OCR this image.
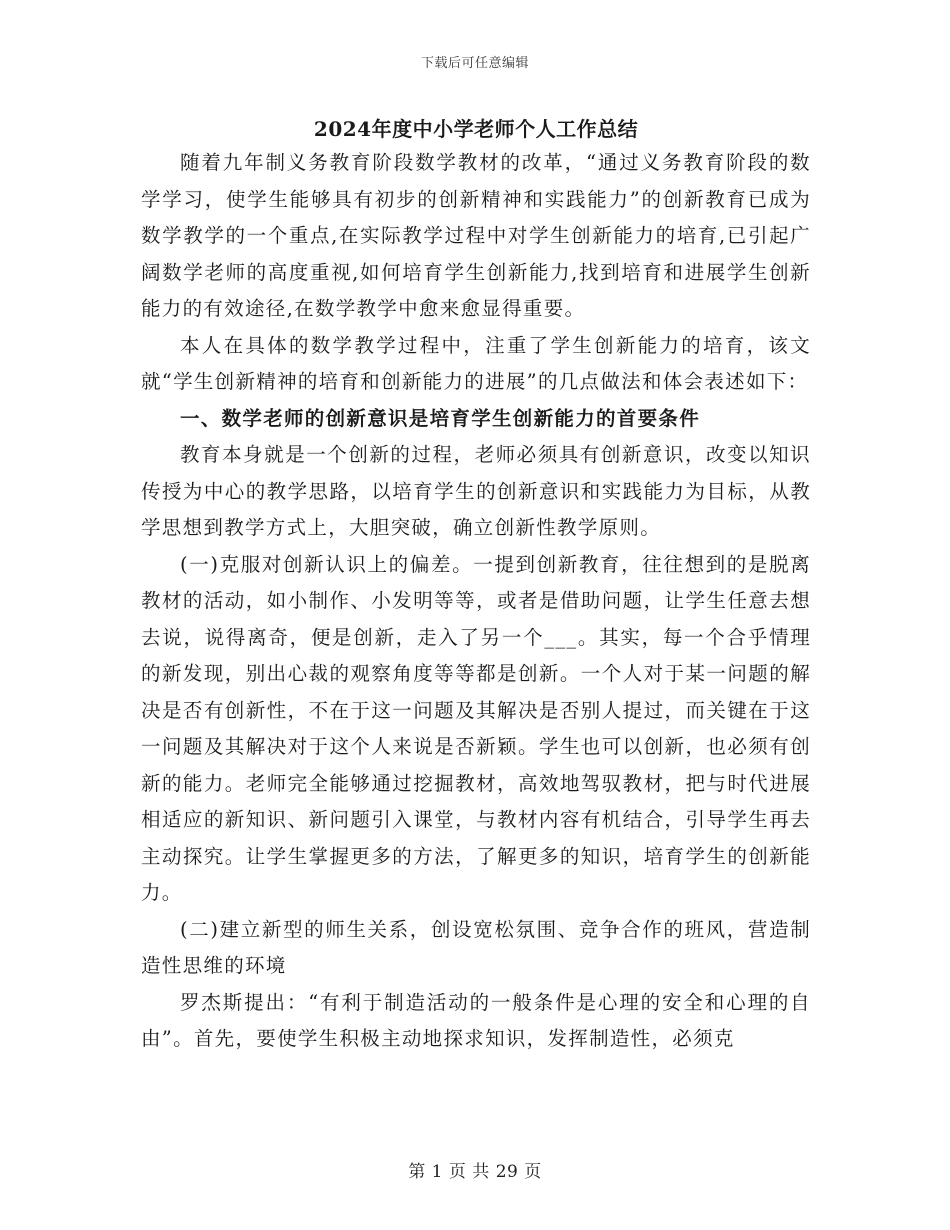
下载后可任意编辑
2024年度中小学老师个人工作总结

随着九年制义务教育阶段数学教材的改革，“通过义务教育阶段的数学学习，使学生能够具有初步的创新精神和实践能力”的创新教育已成为数学教学的一个重点,在实际教学过程中对学生创新能力的培育,已引起广阔数学老师的高度重视,如何培育学生创新能力,找到培育和进展学生创新能力的有效途径,在数学教学中愈来愈显得重要。

本人在具体的数学教学过程中，注重了学生创新能力的培育，该文就“学生创新精神的培育和创新能力的进展”的几点做法和体会表述如下：

一、数学老师的创新意识是培育学生创新能力的首要条件

教育本身就是一个创新的过程，老师必须具有创新意识，改变以知识传授为中心的教学思路，以培育学生的创新意识和实践能力为目标，从教学思想到教学方式上，大胆突破，确立创新性教学原则。

(一)克服对创新认识上的偏差。一提到创新教育，往往想到的是脱离教材的活动，如小制作、小发明等等，或者是借助问题，让学生任意去想去说，说得离奇，便是创新，走入了另一个___。其实，每一个合乎情理的新发现，别出心裁的观察角度等等都是创新。一个人对于某一问题的解决是否有创新性，不在于这一问题及其解决是否别人提过，而关键在于这一问题及其解决对于这个人来说是否新颖。学生也可以创新，也必须有创新的能力。老师完全能够通过挖掘教材，高效地驾驭教材，把与时代进展相适应的新知识、新问题引入课堂，与教材内容有机结合，引导学生再去主动探究。让学生掌握更多的方法，了解更多的知识，培育学生的创新能力。

(二)建立新型的师生关系，创设宽松氛围、竞争合作的班风，营造制造性思维的环境

罗杰斯提出：“有利于制造活动的一般条件是心理的安全和心理的自由”。首先，要使学生积极主动地探求知识，发挥制造性，必须克

第 1 页 共 29 页
